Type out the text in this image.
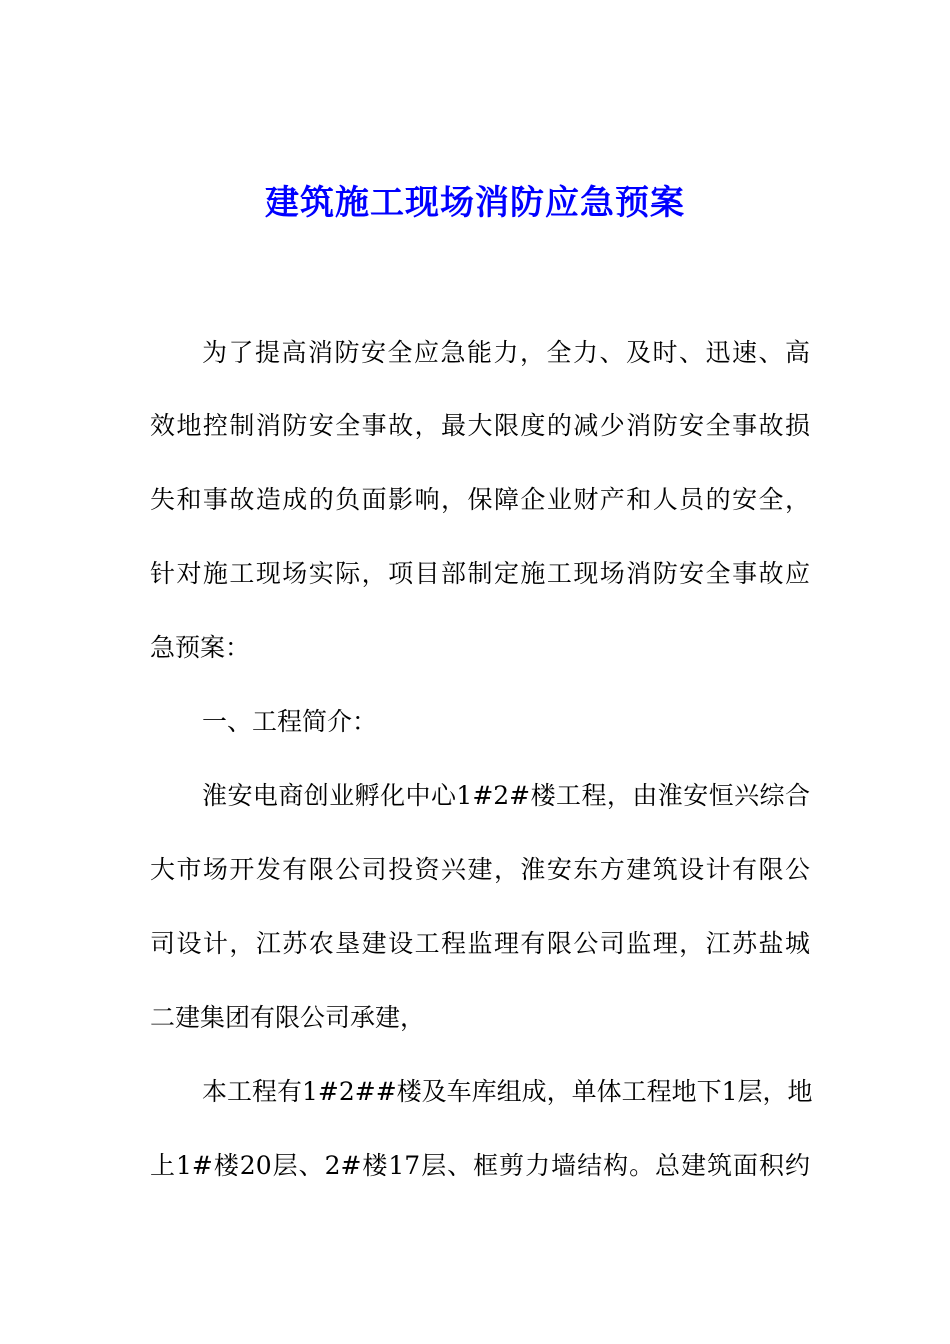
建筑施工现场消防应急预案

为了提高消防安全应急能力，全力、及时、迅速、高

效地控制消防安全事故，最大限度的减少消防安全事故损

失和事故造成的负面影响，保障企业财产和人员的安全，

针对施工现场实际，项目部制定施工现场消防安全事故应

急预案：

一、工程简介：

淮安电商创业孵化中心1#2#楼工程，由淮安恒兴综合

大市场开发有限公司投资兴建，淮安东方建筑设计有限公

司设计，江苏农垦建设工程监理有限公司监理，江苏盐城

二建集团有限公司承建，

本工程有1#2##楼及车库组成，单体工程地下1层，地

上1#楼20层、2#楼17层、框剪力墙结构。总建筑面积约
